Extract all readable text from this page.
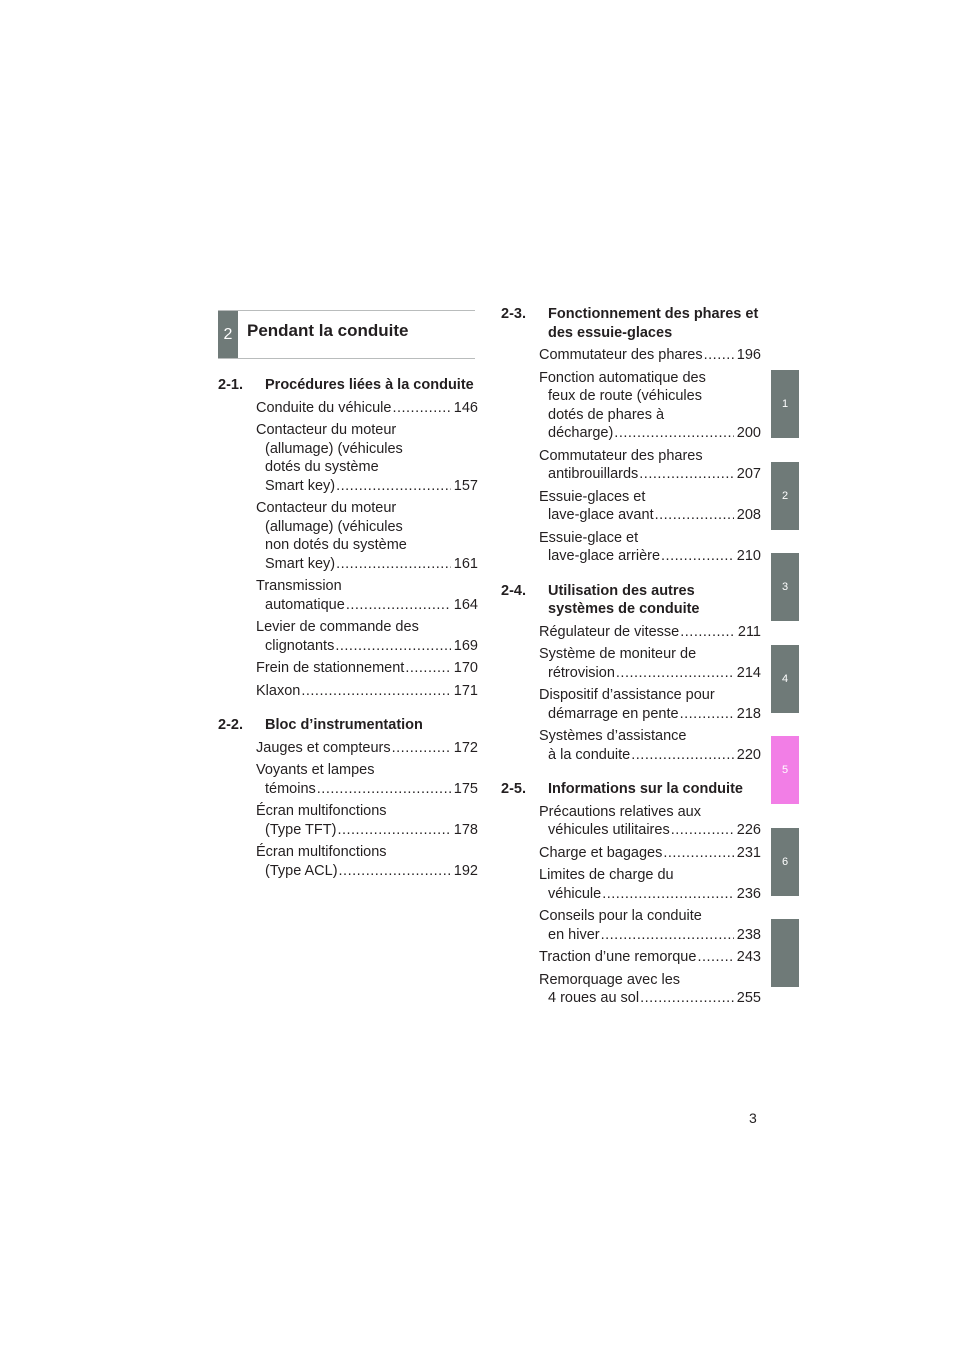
2 Pendant la conduite
2-1.	Procédures liées à la conduite
Conduite du véhicule .....	146
Contacteur du moteur
(allumage) (véhicules
dotés du système
Smart key) .....	157
Contacteur du moteur
(allumage) (véhicules
non dotés du système
Smart key) .....	161
Transmission
automatique .....	164
Levier de commande des
clignotants .....	169
Frein de stationnement .....	170
Klaxon .....	171
2-2.	Bloc d’instrumentation
Jauges et compteurs .....	172
Voyants et lampes
témoins .....	175
Écran multifonctions
(Type TFT) .....	178
Écran multifonctions
(Type ACL) .....	192
2-3.	Fonctionnement des phares et
des essuie-glaces
Commutateur des phares ..... 196
Fonction automatique des
feux de route (véhicules
dotés de phares à
décharge) .....	200
Commutateur des phares
antibrouillards .....	207
Essuie-glaces et
lave-glace avant .....	208
Essuie-glace et
lave-glace arrière .....	210
2-4.	Utilisation des autres
systèmes de conduite
Régulateur de vitesse .....	211
Système de moniteur de
rétrovision .....	214
Dispositif d’assistance pour
démarrage en pente .....	218
Systèmes d’assistance
à la conduite .....	220
2-5.	Informations sur la conduite
Précautions relatives aux
véhicules utilitaires .....	226
Charge et bagages .....	231
Limites de charge du
véhicule .....	236
Conseils pour la conduite
en hiver .....	238
Traction d’une remorque .....	243
Remorquage avec les
4 roues au sol .....	255
1
2
3
4
5
6
3
